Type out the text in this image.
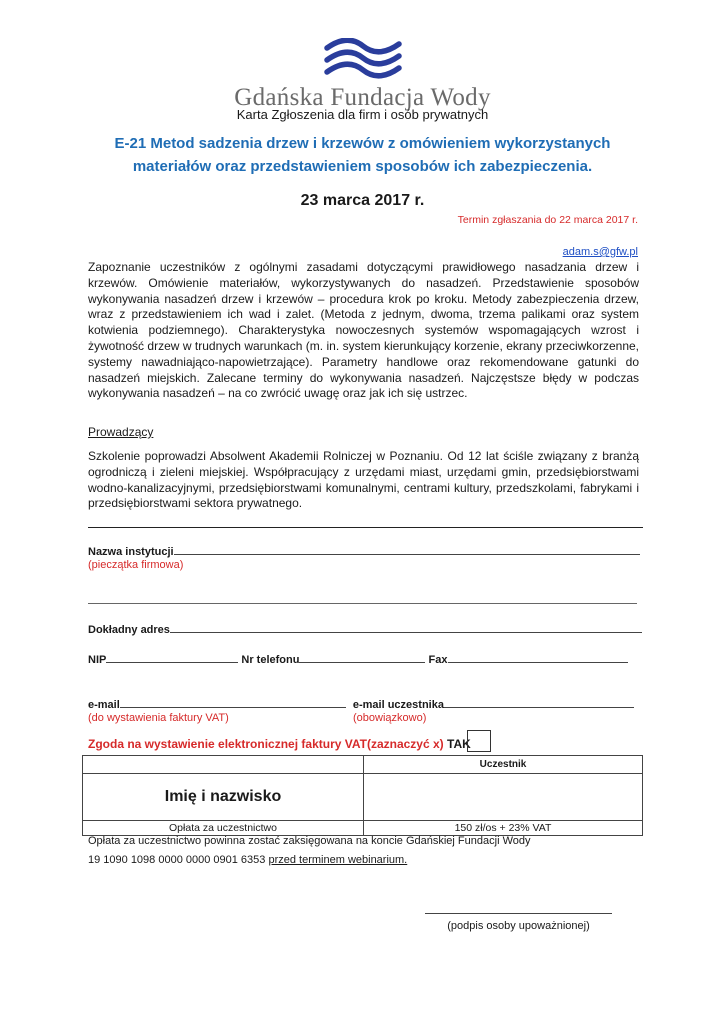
Gdańska Fundacja Wody
Karta Zgłoszenia dla firm i osób prywatnych
E-21 Metod sadzenia drzew i krzewów z omówieniem wykorzystanych
materiałów oraz przedstawieniem sposobów ich zabezpieczenia.
23 marca 2017 r.
Termin zgłaszania do 22 marca 2017 r.
adam.s@gfw.pl
Zapoznanie uczestników z ogólnymi zasadami dotyczącymi prawidłowego nasadzania drzew i krzewów. Omówienie materiałów, wykorzystywanych do nasadzeń. Przedstawienie sposobów wykonywania nasadzeń drzew i krzewów – procedura krok po kroku. Metody zabezpieczenia drzew, wraz z przedstawieniem ich wad i zalet. (Metoda z jednym, dwoma, trzema palikami oraz system kotwienia podziemnego). Charakterystyka nowoczesnych systemów wspomagających wzrost i żywotność drzew w trudnych warunkach (m. in. system kierunkujący korzenie, ekrany przeciwkorzenne, systemy nawadniająco-napowietrzające). Parametry handlowe oraz rekomendowane gatunki do nasadzeń miejskich. Zalecane terminy do wykonywania nasadzeń. Najczęstsze błędy w podczas wykonywania nasadzeń – na co zwrócić uwagę oraz jak ich się ustrzec.
Prowadzący
Szkolenie poprowadzi Absolwent Akademii Rolniczej w Poznaniu. Od 12 lat ściśle związany z branżą ogrodniczą i zieleni miejskiej. Współpracujący z urzędami miast, urzędami gmin, przedsiębiorstwami wodno-kanalizacyjnymi, przedsiębiorstwami komunalnymi, centrami kultury, przedszkolami, fabrykami i przedsiębiorstwami sektora prywatnego.
Nazwa instytucji
(pieczątka firmowa)
Dokładny adres
NIP	Nr telefonu	Fax
e-mail	e-mail uczestnika
(do wystawienia faktury VAT)	(obowiązkowo)
Zgoda na wystawienie elektronicznej faktury VAT(zaznaczyć x) TAK
	Uczestnik
Imię i nazwisko	
Opłata za uczestnictwo	150 zł/os + 23% VAT
Opłata za uczestnictwo powinna zostać zaksięgowana na koncie Gdańskiej Fundacji Wody
19 1090 1098 0000 0000 0901 6353 przed terminem webinarium.
(podpis osoby upoważnionej)
